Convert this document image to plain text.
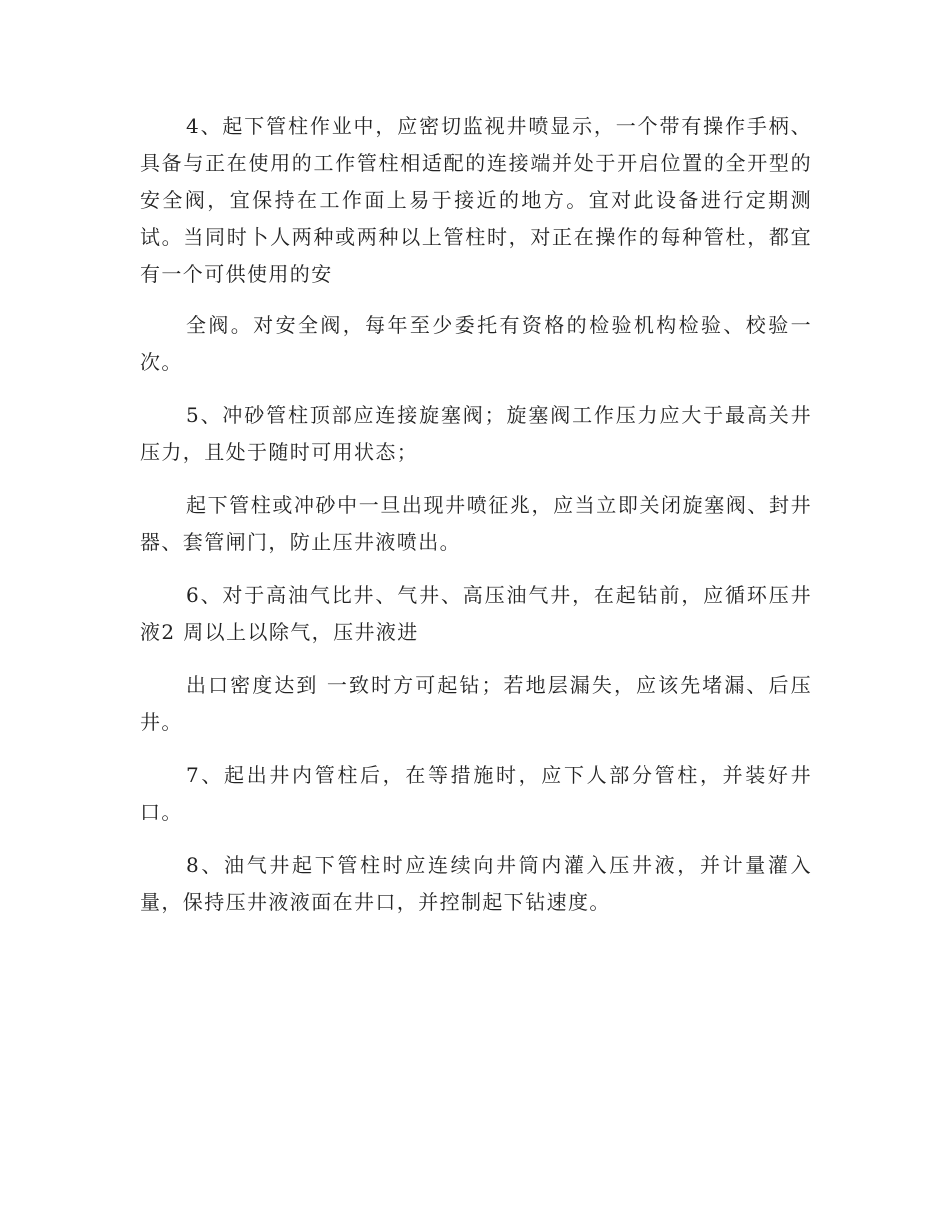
4、起下管柱作业中，应密切监视井喷显示，一个带有操作手柄、具备与正在使用的工作管柱相适配的连接端并处于开启位置的全开型的安全阀，宜保持在工作面上易于接近的地方。宜对此设备进行定期测试。当同时卜人两种或两种以上管柱时，对正在操作的每种管杜，都宜有一个可供使用的安

全阀。对安全阀，每年至少委托有资格的检验机构检验、校验一次。

5、冲砂管柱顶部应连接旋塞阀；旋塞阀工作压力应大于最高关井压力，且处于随时可用状态；

起下管柱或冲砂中一旦出现井喷征兆，应当立即关闭旋塞阀、封井器、套管闸门，防止压井液喷出。

6、对于高油气比井、气井、高压油气井，在起钻前，应循环压井液2 周以上以除气，压井液进

出口密度达到 一致时方可起钻；若地层漏失，应该先堵漏、后压井。

7、起出井内管柱后，在等措施时，应下人部分管柱，并装好井口。

8、油气井起下管柱时应连续向井筒内灌入压井液，并计量灌入量，保持压井液液面在井口，并控制起下钻速度。
